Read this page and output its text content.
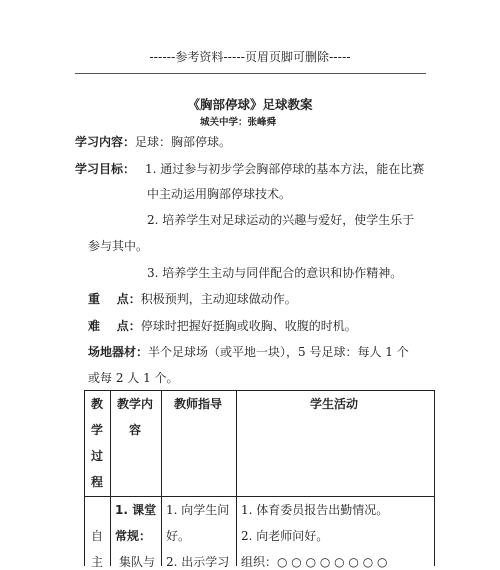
------参考资料-----页眉页脚可删除-----
《胸部停球》足球教案
城关中学：张峰舜
学习内容：足球：胸部停球。
学习目标： 1. 通过参与初步学会胸部停球的基本方法，能在比赛
中主动运用胸部停球技术。
2. 培养学生对足球运动的兴趣与爱好，使学生乐于
参与其中。
3. 培养学生主动与同伴配合的意识和协作精神。
重    点：积极预判，主动迎球做动作。
难    点：停球时把握好挺胸或收胸、收腹的时机。
场地器材：半个足球场（或平地一块），5 号足球：每人 1 个
或每 2 人 1 个。
教
学
过
程
教学内
容
教师指导	学生活动
自
主
1. 课堂
常规：
集队与
1. 向学生问
好。
2. 出示学习
1. 体育委员报告出勤情况。
2. 向老师问好。
组织：○ ○ ○ ○ ○ ○ ○ ○
